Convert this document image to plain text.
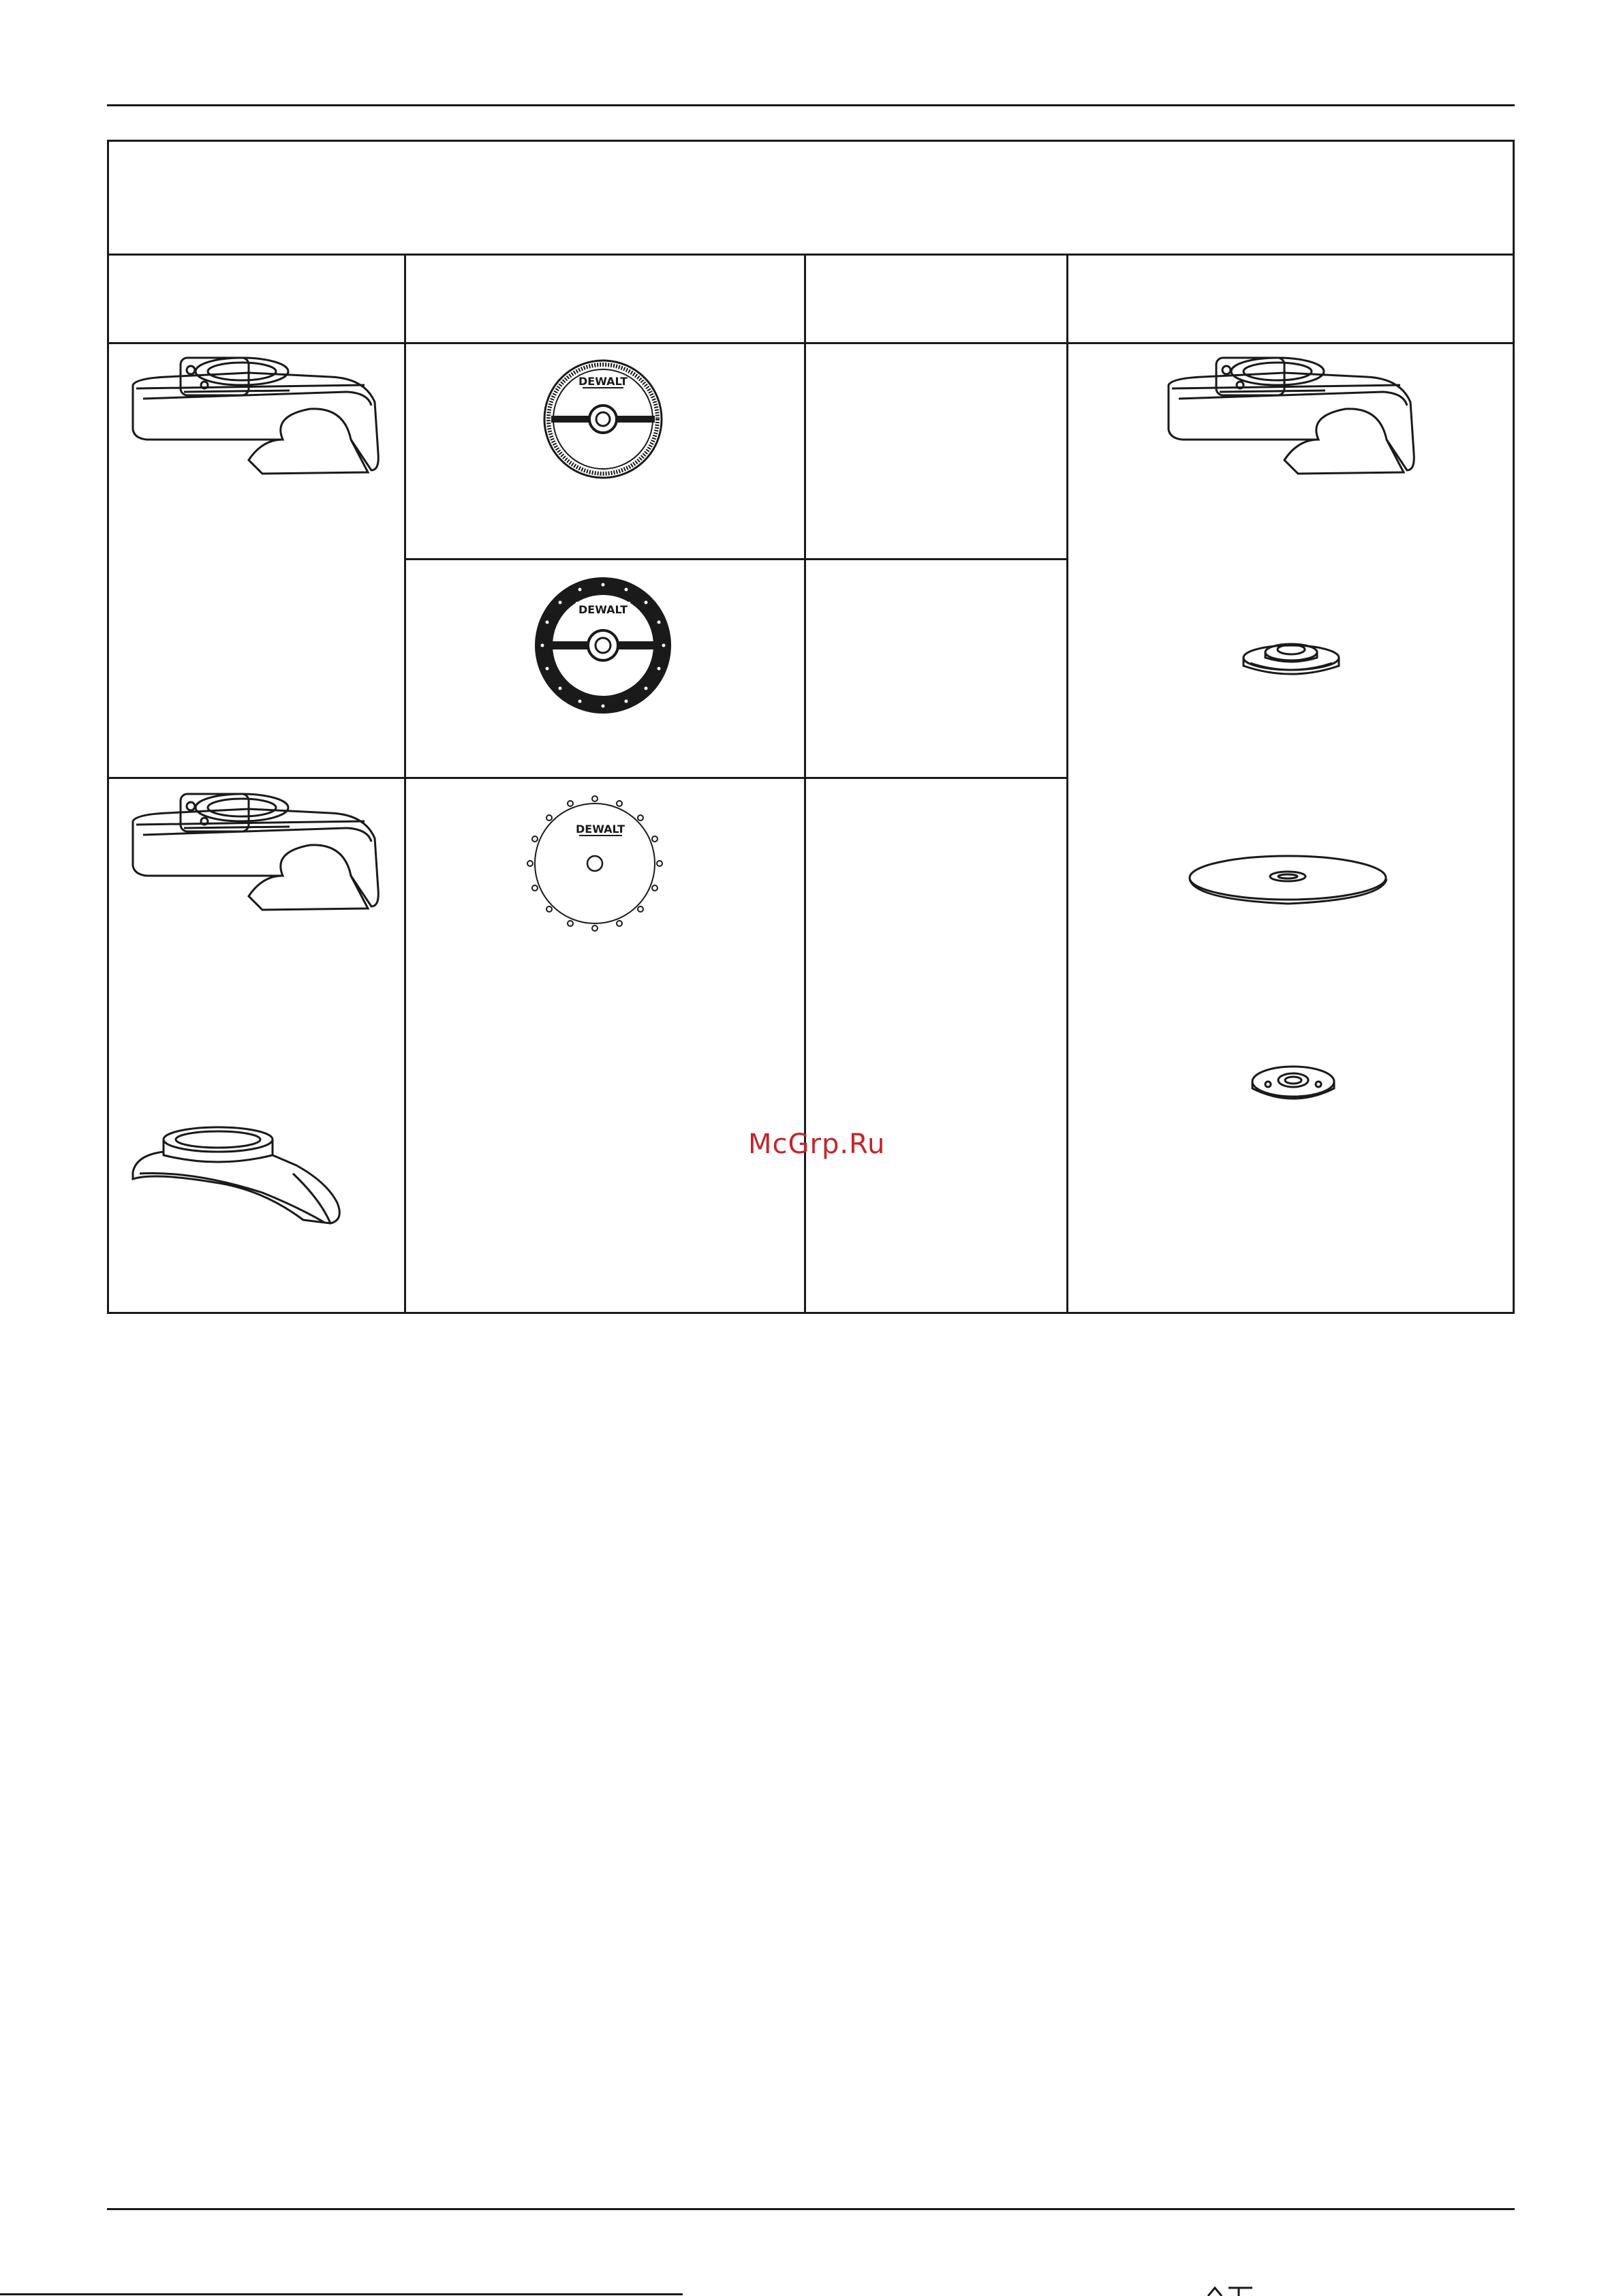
DEWALT
DEWALT
DEWALT
McGrp.Ru
